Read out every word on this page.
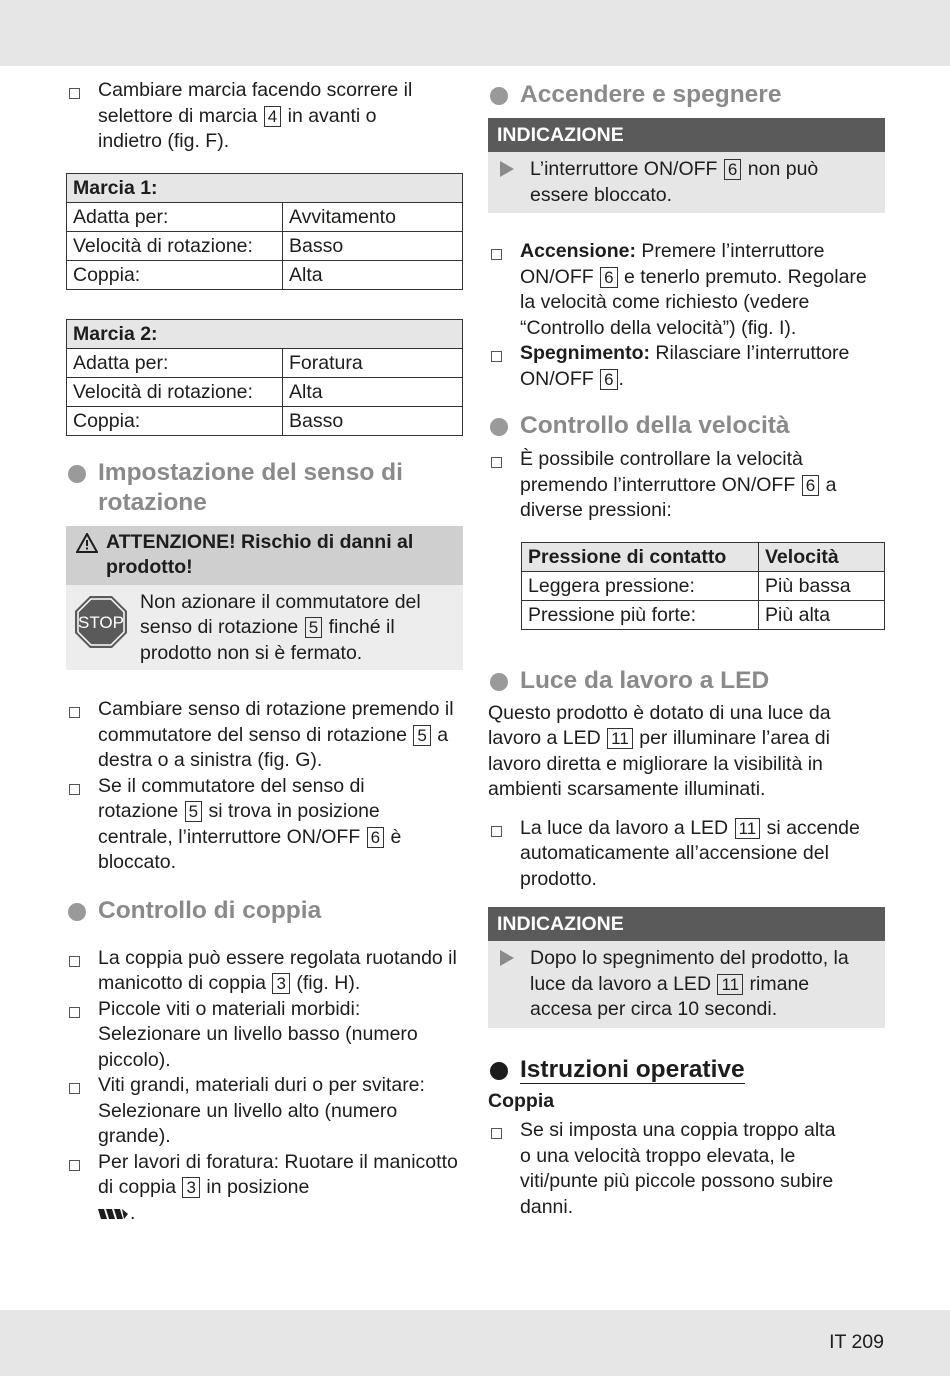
Cambiare marcia facendo scorrere il selettore di marcia 4 in avanti o indietro (fig. F).

Marcia 1:	
Adatta per:	Avvitamento
Velocità di rotazione:	Basso
Coppia:	Alta
Marcia 2:	
Adatta per:	Foratura
Velocità di rotazione:	Alta
Coppia:	Basso
Impostazione del senso di rotazione
ATTENZIONE! Rischio di danni al prodotto!
STOP
Non azionare il commutatore del senso di rotazione 5 finché il prodotto non si è fermato.

Cambiare senso di rotazione premendo il commutatore del senso di rotazione 5 a destra o a sinistra (fig. G).

Se il commutatore del senso di rotazione 5 si trova in posizione centrale, l’interruttore ON/OFF 6 è bloccato.

Controllo di coppia

La coppia può essere regolata ruotando il manicotto di coppia 3 (fig. H).

Piccole viti o materiali morbidi: Selezionare un livello basso (numero piccolo).

Viti grandi, materiali duri o per svitare: Selezionare un livello alto (numero grande).

Per lavori di foratura: Ruotare il manicotto di coppia 3 in posizione
.

Accendere e spegnere
INDICAZIONE
L’interruttore ON/OFF 6 non può essere bloccato.

Accensione: Premere l’interruttore ON/OFF 6 e tenerlo premuto. Regolare la velocità come richiesto (vedere “Controllo della velocità”) (fig. I).

Spegnimento: Rilasciare l’interruttore ON/OFF 6 .

Controllo della velocità

È possibile controllare la velocità premendo l’interruttore ON/OFF 6 a diverse pressioni:

Pressione di contatto	Velocità
Leggera pressione:	Più bassa
Pressione più forte:	Più alta
Luce da lavoro a LED

Questo prodotto è dotato di una luce da lavoro a LED 11 per illuminare l’area di lavoro diretta e migliorare la visibilità in ambienti scarsamente illuminati.

La luce da lavoro a LED 11 si accende automaticamente all’accensione del prodotto.

INDICAZIONE
Dopo lo spegnimento del prodotto, la luce da lavoro a LED 11 rimane accesa per circa 10 secondi.
Istruzioni operative

Coppia

Se si imposta una coppia troppo alta o una velocità troppo elevata, le viti/punte più piccole possono subire danni.

IT 209
